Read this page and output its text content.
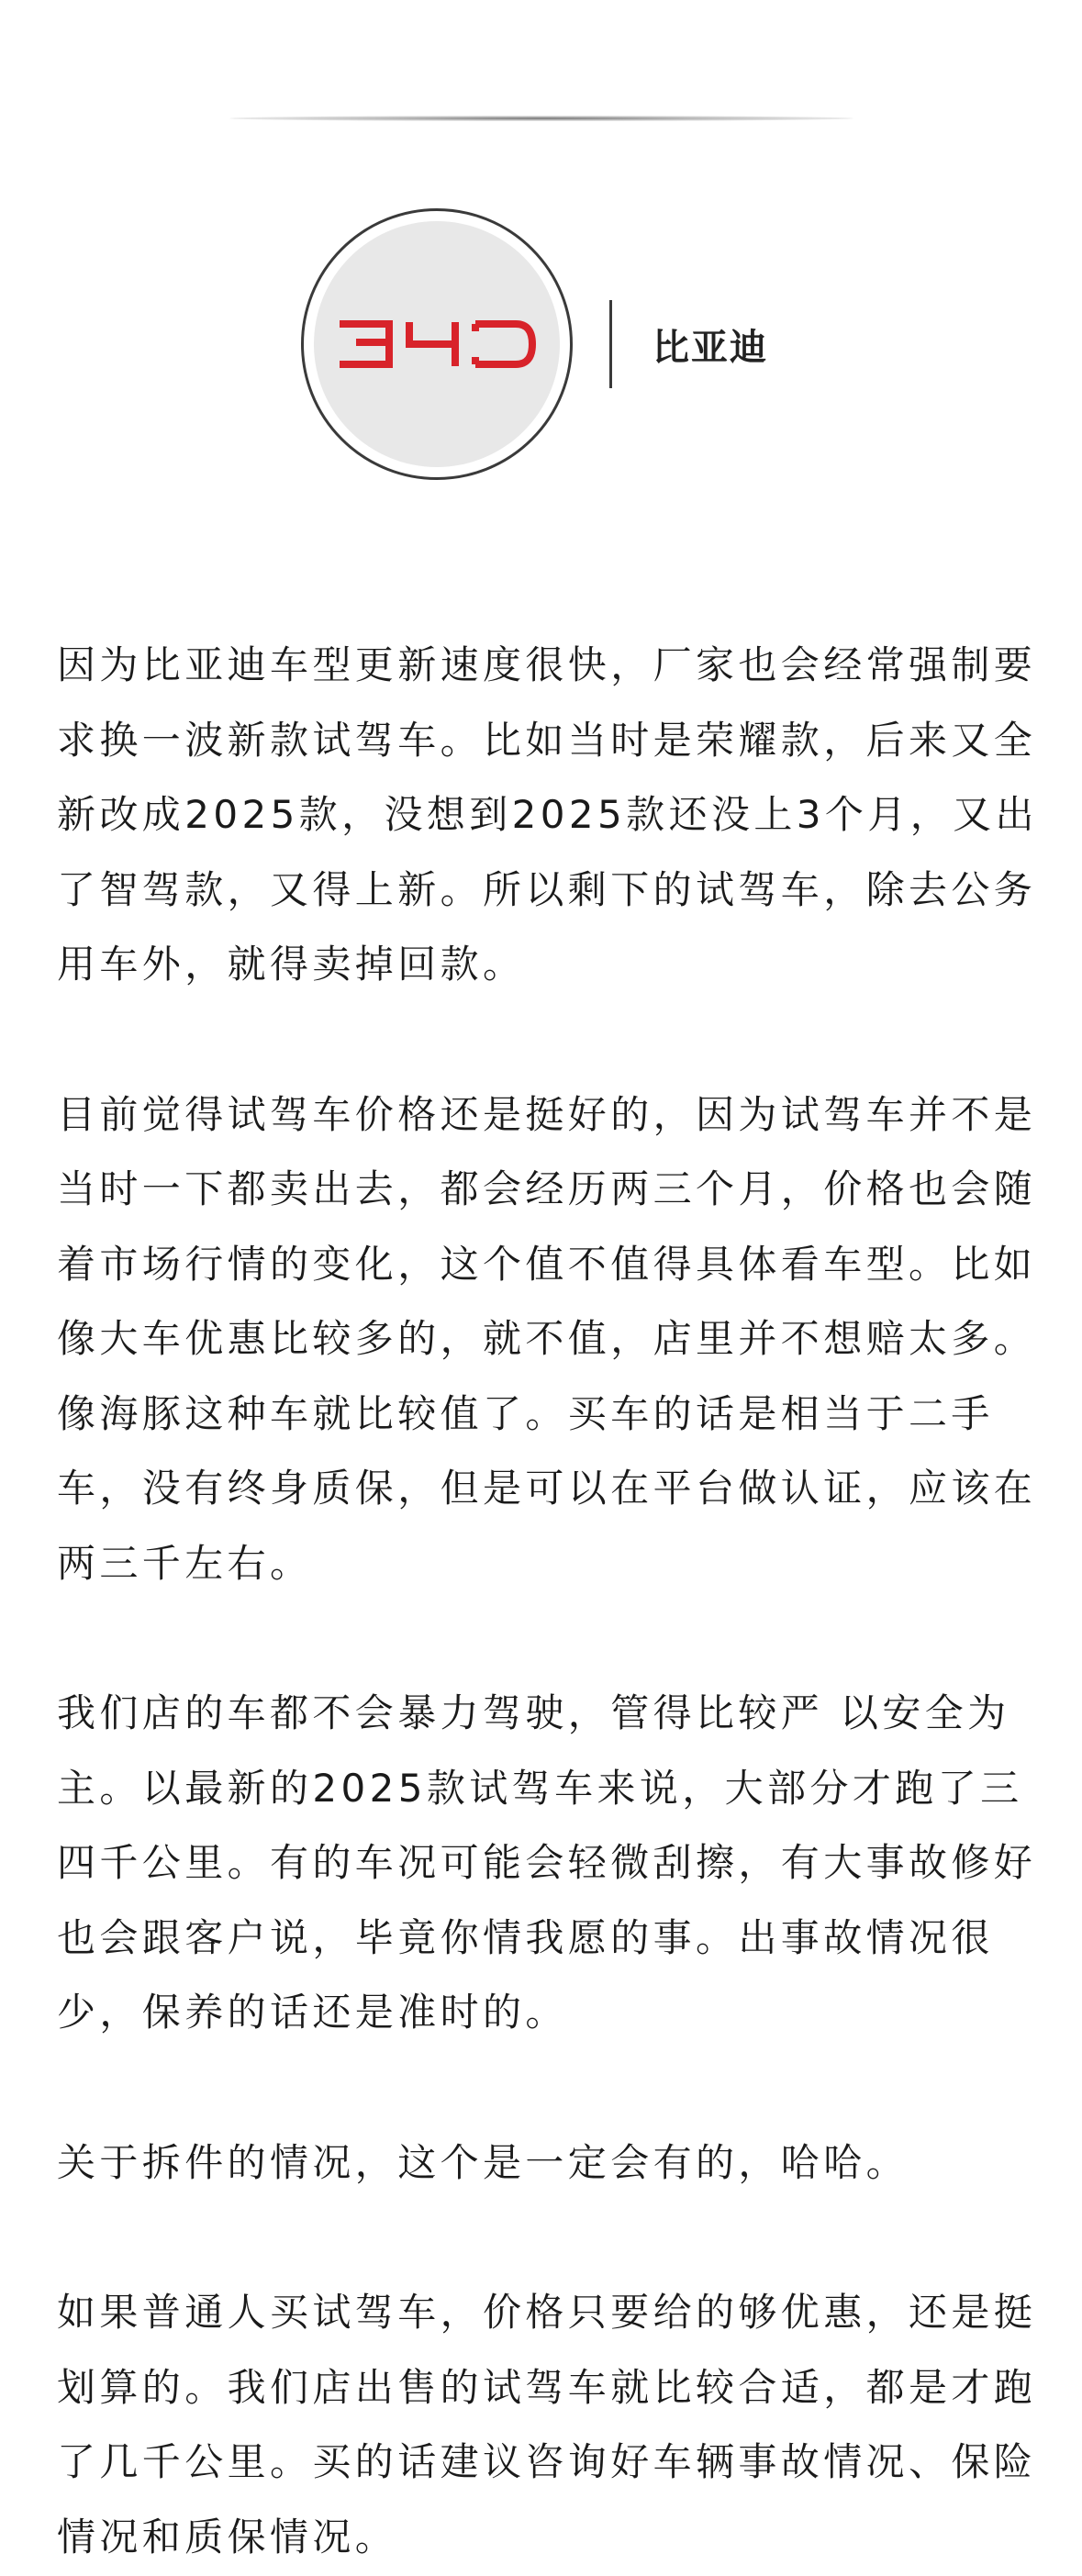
比亚迪

因为比亚迪车型更新速度很快，厂家也会经常强制要求换一波新款试驾车。比如当时是荣耀款，后来又全新改成2025款，没想到2025款还没上3个月，又出了智驾款，又得上新。所以剩下的试驾车，除去公务用车外，就得卖掉回款。

目前觉得试驾车价格还是挺好的，因为试驾车并不是当时一下都卖出去，都会经历两三个月，价格也会随着市场行情的变化，这个值不值得具体看车型。比如像大车优惠比较多的，就不值，店里并不想赔太多。像海豚这种车就比较值了。买车的话是相当于二手车，没有终身质保，但是可以在平台做认证，应该在两三千左右。

我们店的车都不会暴力驾驶，管得比较严 以安全为主。以最新的2025款试驾车来说，大部分才跑了三四千公里。有的车况可能会轻微刮擦，有大事故修好也会跟客户说，毕竟你情我愿的事。出事故情况很少，保养的话还是准时的。

关于拆件的情况，这个是一定会有的，哈哈。

如果普通人买试驾车，价格只要给的够优惠，还是挺划算的。我们店出售的试驾车就比较合适，都是才跑了几千公里。买的话建议咨询好车辆事故情况、保险情况和质保情况。
